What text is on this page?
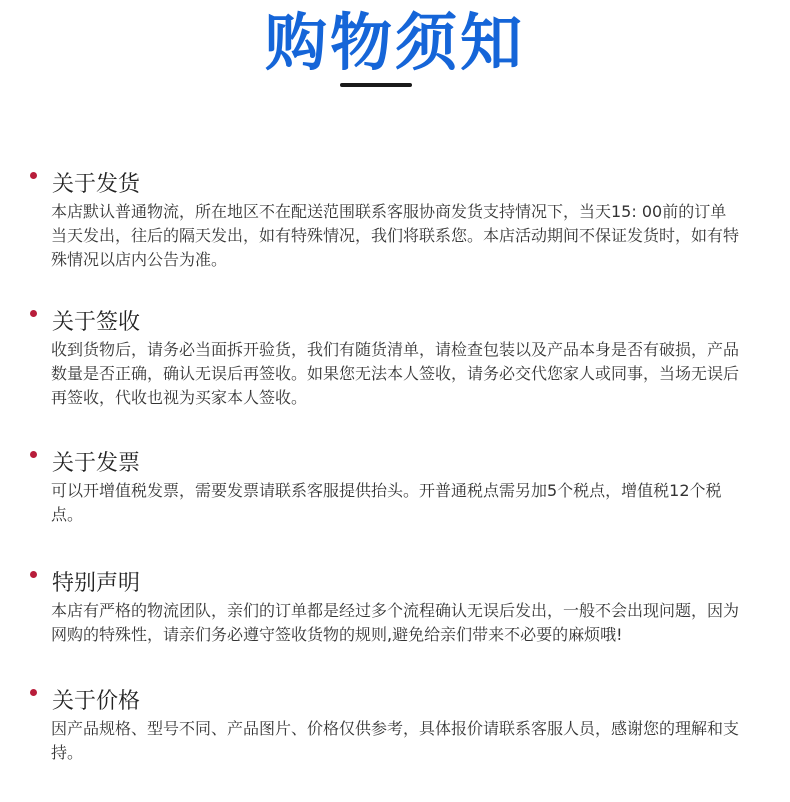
购物须知
关于发货
本店默认普通物流，所在地区不在配送范围联系客服协商发货支持情况下，当天15: 00前的订单当天发出，往后的隔天发出，如有特殊情况，我们将联系您。本店活动期间不保证发货时，如有特殊情况以店内公告为准。
关于签收
收到货物后，请务必当面拆开验货，我们有随货清单，请检查包装以及产品本身是否有破损，产品数量是否正确，确认无误后再签收。如果您无法本人签收，请务必交代您家人或同事，当场无误后再签收，代收也视为买家本人签收。
关于发票
可以开增值税发票，需要发票请联系客服提供抬头。开普通税点需另加5个税点，增值税12个税点。
特别声明
本店有严格的物流团队，亲们的订单都是经过多个流程确认无误后发出，一般不会出现问题，因为网购的特殊性，请亲们务必遵守签收货物的规则,避免给亲们带来不必要的麻烦哦!
关于价格
因产品规格、型号不同、产品图片、价格仅供参考，具体报价请联系客服人员，感谢您的理解和支持。
